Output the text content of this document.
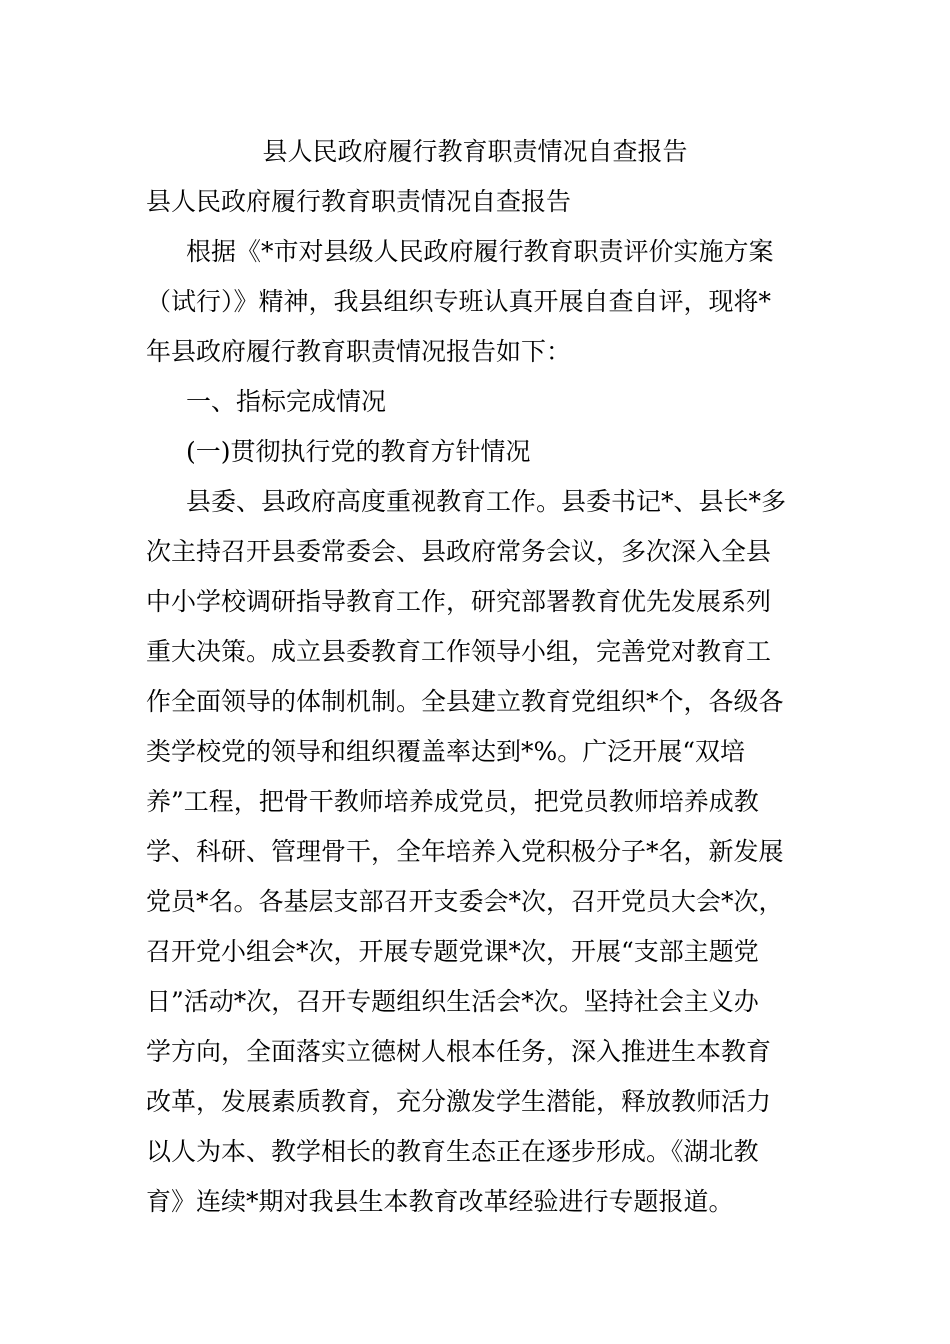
县人民政府履行教育职责情况自查报告

县人民政府履行教育职责情况自查报告

根据《*市对县级人民政府履行教育职责评价实施方案

（试行）》精神，我县组织专班认真开展自查自评，现将*

年县政府履行教育职责情况报告如下：

一、指标完成情况

(一)贯彻执行党的教育方针情况

县委、县政府高度重视教育工作。县委书记*、县长*多

次主持召开县委常委会、县政府常务会议，多次深入全县

中小学校调研指导教育工作，研究部署教育优先发展系列

重大决策。成立县委教育工作领导小组，完善党对教育工

作全面领导的体制机制。全县建立教育党组织*个，各级各

类学校党的领导和组织覆盖率达到*%。广泛开展“双培

养”工程，把骨干教师培养成党员，把党员教师培养成教

学、科研、管理骨干，全年培养入党积极分子*名，新发展

党员*名。各基层支部召开支委会*次，召开党员大会*次，

召开党小组会*次，开展专题党课*次，开展“支部主题党

日”活动*次，召开专题组织生活会*次。坚持社会主义办

学方向，全面落实立德树人根本任务，深入推进生本教育

改革，发展素质教育，充分激发学生潜能，释放教师活力

以人为本、教学相长的教育生态正在逐步形成。《湖北教

育》连续*期对我县生本教育改革经验进行专题报道。
